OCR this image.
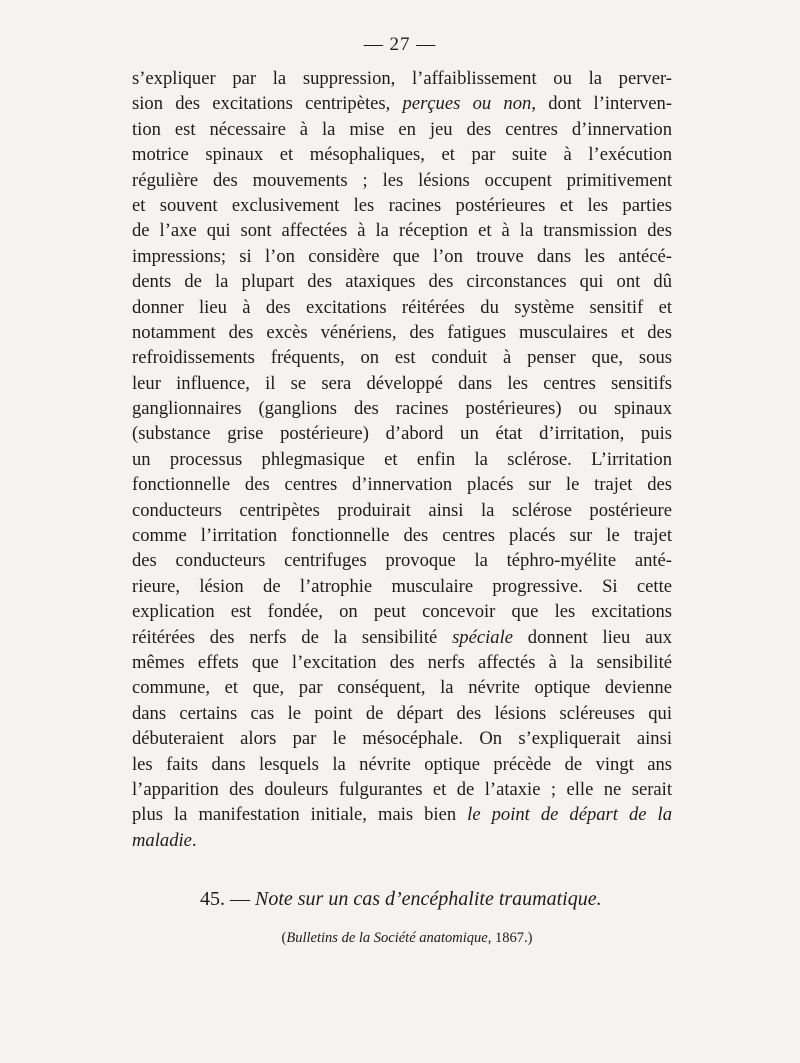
— 27 —
s’expliquer par la suppression, l’affaiblissement ou la perver-
sion des excitations centripètes, perçues ou non, dont l’interven-
tion est nécessaire à la mise en jeu des centres d’innervation
motrice spinaux et mésophaliques, et par suite à l’exécution
régulière des mouvements ; les lésions occupent primitivement
et souvent exclusivement les racines postérieures et les parties
de l’axe qui sont affectées à la réception et à la transmission des
impressions; si l’on considère que l’on trouve dans les antécé-
dents de la plupart des ataxiques des circonstances qui ont dû
donner lieu à des excitations réitérées du système sensitif et
notamment des excès vénériens, des fatigues musculaires et des
refroidissements fréquents, on est conduit à penser que, sous
leur influence, il se sera développé dans les centres sensitifs
ganglionnaires (ganglions des racines postérieures) ou spinaux
(substance grise postérieure) d’abord un état d’irritation, puis
un processus phlegmasique et enfin la sclérose. L’irritation
fonctionnelle des centres d’innervation placés sur le trajet des
conducteurs centripètes produirait ainsi la sclérose postérieure
comme l’irritation fonctionnelle des centres placés sur le trajet
des conducteurs centrifuges provoque la téphro-myélite anté-
rieure, lésion de l’atrophie musculaire progressive. Si cette
explication est fondée, on peut concevoir que les excitations
réitérées des nerfs de la sensibilité spéciale donnent lieu aux
mêmes effets que l’excitation des nerfs affectés à la sensibilité
commune, et que, par conséquent, la névrite optique devienne
dans certains cas le point de départ des lésions scléreuses qui
débuteraient alors par le mésocéphale. On s’expliquerait ainsi
les faits dans lesquels la névrite optique précède de vingt ans
l’apparition des douleurs fulgurantes et de l’ataxie ; elle ne serait
plus la manifestation initiale, mais bien le point de départ de la
maladie.
45. — Note sur un cas d’encéphalite traumatique.
(Bulletins de la Société anatomique, 1867.)
